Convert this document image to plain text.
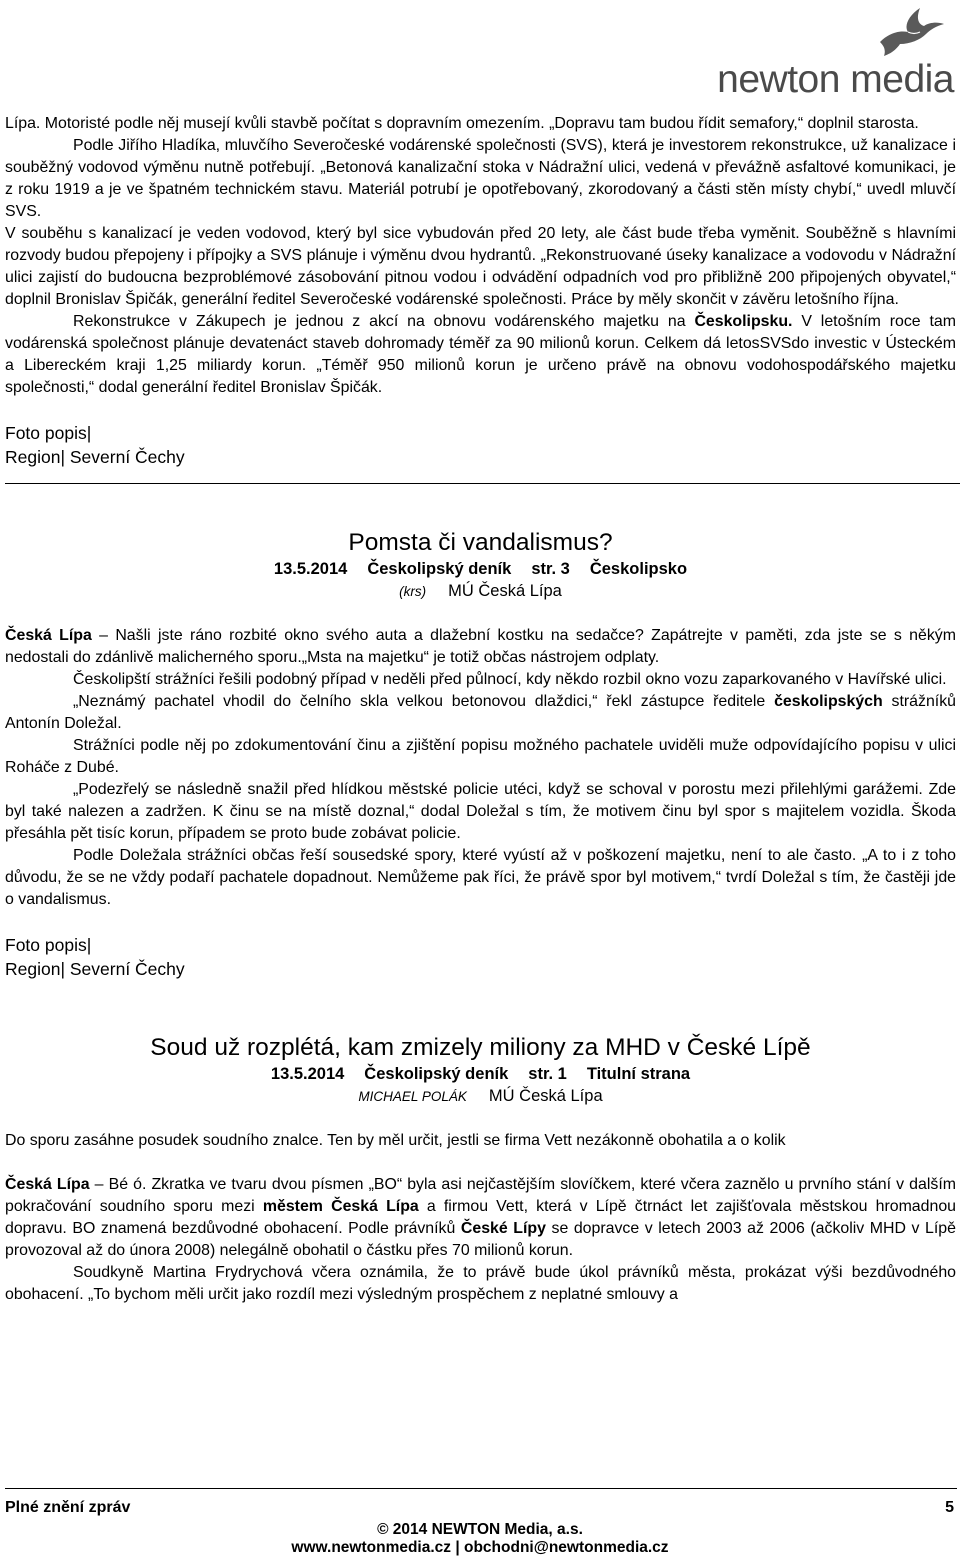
newton media

Lípa. Motoristé podle něj musejí kvůli stavbě počítat s dopravním omezením. „Dopravu tam budou řídit semafory,“ doplnil starosta.

Podle Jiřího Hladíka, mluvčího Severočeské vodárenské společnosti (SVS), která je investorem rekonstrukce, už kanalizace i souběžný vodovod výměnu nutně potřebují. „Betonová kanalizační stoka v Nádražní ulici, vedená v převážně asfaltové komunikaci, je z roku 1919 a je ve špatném technickém stavu. Materiál potrubí je opotřebovaný, zkorodovaný a části stěn místy chybí,“ uvedl mluvčí SVS.

V souběhu s kanalizací je veden vodovod, který byl sice vybudován před 20 lety, ale část bude třeba vyměnit. Souběžně s hlavními rozvody budou přepojeny i přípojky a SVS plánuje i výměnu dvou hydrantů. „Rekonstruované úseky kanalizace a vodovodu v Nádražní ulici zajistí do budoucna bezproblémové zásobování pitnou vodou i odvádění odpadních vod pro přibližně 200 připojených obyvatel,“ doplnil Bronislav Špičák, generální ředitel Severočeské vodárenské společnosti. Práce by měly skončit v závěru letošního října.

Rekonstrukce v Zákupech je jednou z akcí na obnovu vodárenského majetku na Českolipsku. V letošním roce tam vodárenská společnost plánuje devatenáct staveb dohromady téměř za 90 milionů korun. Celkem dá letosSVSdo investic v Ústeckém a Libereckém kraji 1,25 miliardy korun. „Téměř 950 milionů korun je určeno právě na obnovu vodohospodářského majetku společnosti,“ dodal generální ředitel Bronislav Špičák.

Foto popis|

Region| Severní Čechy

Pomsta či vandalismus?

13.5.2014 Českolipský deník str. 3 Českolipsko

(krs) MÚ Česká Lípa

Česká Lípa – Našli jste ráno rozbité okno svého auta a dlažební kostku na sedačce? Zapátrejte v paměti, zda jste se s někým nedostali do zdánlivě malicherného sporu.„Msta na majetku“ je totiž občas nástrojem odplaty.

Českolipští strážníci řešili podobný případ v neděli před půlnocí, kdy někdo rozbil okno vozu zaparkovaného v Havířské ulici.

„Neznámý pachatel vhodil do čelního skla velkou betonovou dlaždici,“ řekl zástupce ředitele českolipských strážníků Antonín Doležal.

Strážníci podle něj po zdokumentování činu a zjištění popisu možného pachatele uviděli muže odpovídajícího popisu v ulici Roháče z Dubé.

„Podezřelý se následně snažil před hlídkou městské policie utéci, když se schoval v porostu mezi přilehlými garážemi. Zde byl také nalezen a zadržen. K činu se na místě doznal,“ dodal Doležal s tím, že motivem činu byl spor s majitelem vozidla. Škoda přesáhla pět tisíc korun, případem se proto bude zobávat policie.

Podle Doležala strážníci občas řeší sousedské spory, které vyústí až v poškození majetku, není to ale často. „A to i z toho důvodu, že se ne vždy podaří pachatele dopadnout. Nemůžeme pak říci, že právě spor byl motivem,“ tvrdí Doležal s tím, že častěji jde o vandalismus.

Foto popis|

Region| Severní Čechy

Soud už rozplétá, kam zmizely miliony za MHD v České Lípě

13.5.2014 Českolipský deník str. 1 Titulní strana

MICHAEL POLÁK MÚ Česká Lípa

Do sporu zasáhne posudek soudního znalce. Ten by měl určit, jestli se firma Vett nezákonně obohatila a o kolik

Česká Lípa – Bé ó. Zkratka ve tvaru dvou písmen „BO“ byla asi nejčastějším slovíčkem, které včera zaznělo u prvního stání v dalším pokračování soudního sporu mezi městem Česká Lípa a firmou Vett, která v Lípě čtrnáct let zajišťovala městskou hromadnou dopravu. BO znamená bezdůvodné obohacení. Podle právníků České Lípy se dopravce v letech 2003 až 2006 (ačkoliv MHD v Lípě provozoval až do února 2008) nelegálně obohatil o částku přes 70 milionů korun.

Soudkyně Martina Frydrychová včera oznámila, že to právě bude úkol právníků města, prokázat výši bezdůvodného obohacení. „To bychom měli určit jako rozdíl mezi výsledným prospěchem z neplatné smlouvy a

Plné znění zpráv	5
© 2014 NEWTON Media, a.s.
www.newtonmedia.cz | obchodni@newtonmedia.cz
